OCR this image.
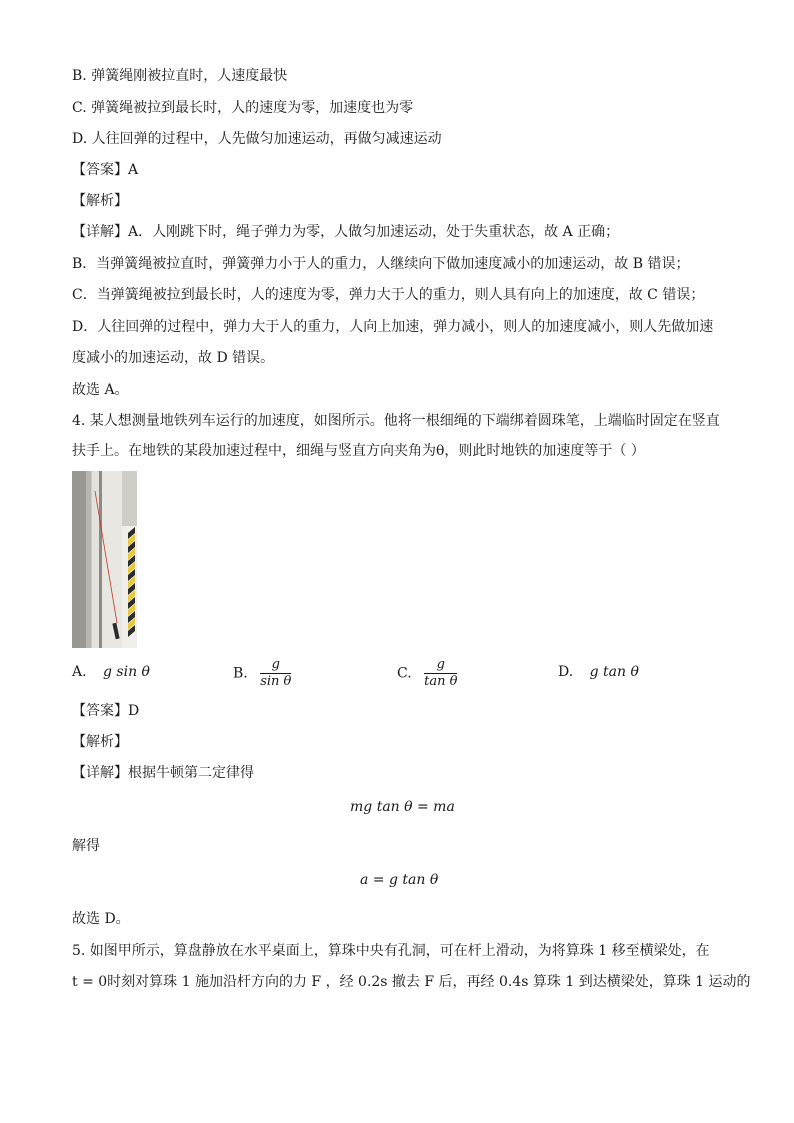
B. 弹簧绳刚被拉直时，人速度最快
C. 弹簧绳被拉到最长时，人的速度为零，加速度也为零
D. 人往回弹的过程中，人先做匀加速运动，再做匀减速运动
【答案】A
【解析】
【详解】A．人刚跳下时，绳子弹力为零，人做匀加速运动，处于失重状态，故 A 正确；
B．当弹簧绳被拉直时，弹簧弹力小于人的重力，人继续向下做加速度减小的加速运动，故 B 错误；
C．当弹簧绳被拉到最长时，人的速度为零，弹力大于人的重力，则人具有向上的加速度，故 C 错误；
D．人往回弹的过程中，弹力大于人的重力，人向上加速，弹力减小，则人的加速度减小，则人先做加速
度减小的加速运动，故 D 错误。
故选 A。
4. 某人想测量地铁列车运行的加速度，如图所示。他将一根细绳的下端绑着圆珠笔，上端临时固定在竖直
扶手上。在地铁的某段加速过程中，细绳与竖直方向夹角为θ，则此时地铁的加速度等于（ ）
A. g sin θ	B. $\frac{g}{\text{sin θ}}$	C. $\frac{g}{\text{tan θ}}$	D. g tan θ
【答案】D
【解析】
【详解】根据牛顿第二定律得
mg tan θ = ma
解得
a = g tan θ
故选 D。
5. 如图甲所示，算盘静放在水平桌面上，算珠中央有孔洞，可在杆上滑动，为将算珠 1 移至横梁处，在
t = 0时刻对算珠 1 施加沿杆方向的力 F ，经 0.2s 撤去 F 后，再经 0.4s 算珠 1 到达横梁处，算珠 1 运动的
